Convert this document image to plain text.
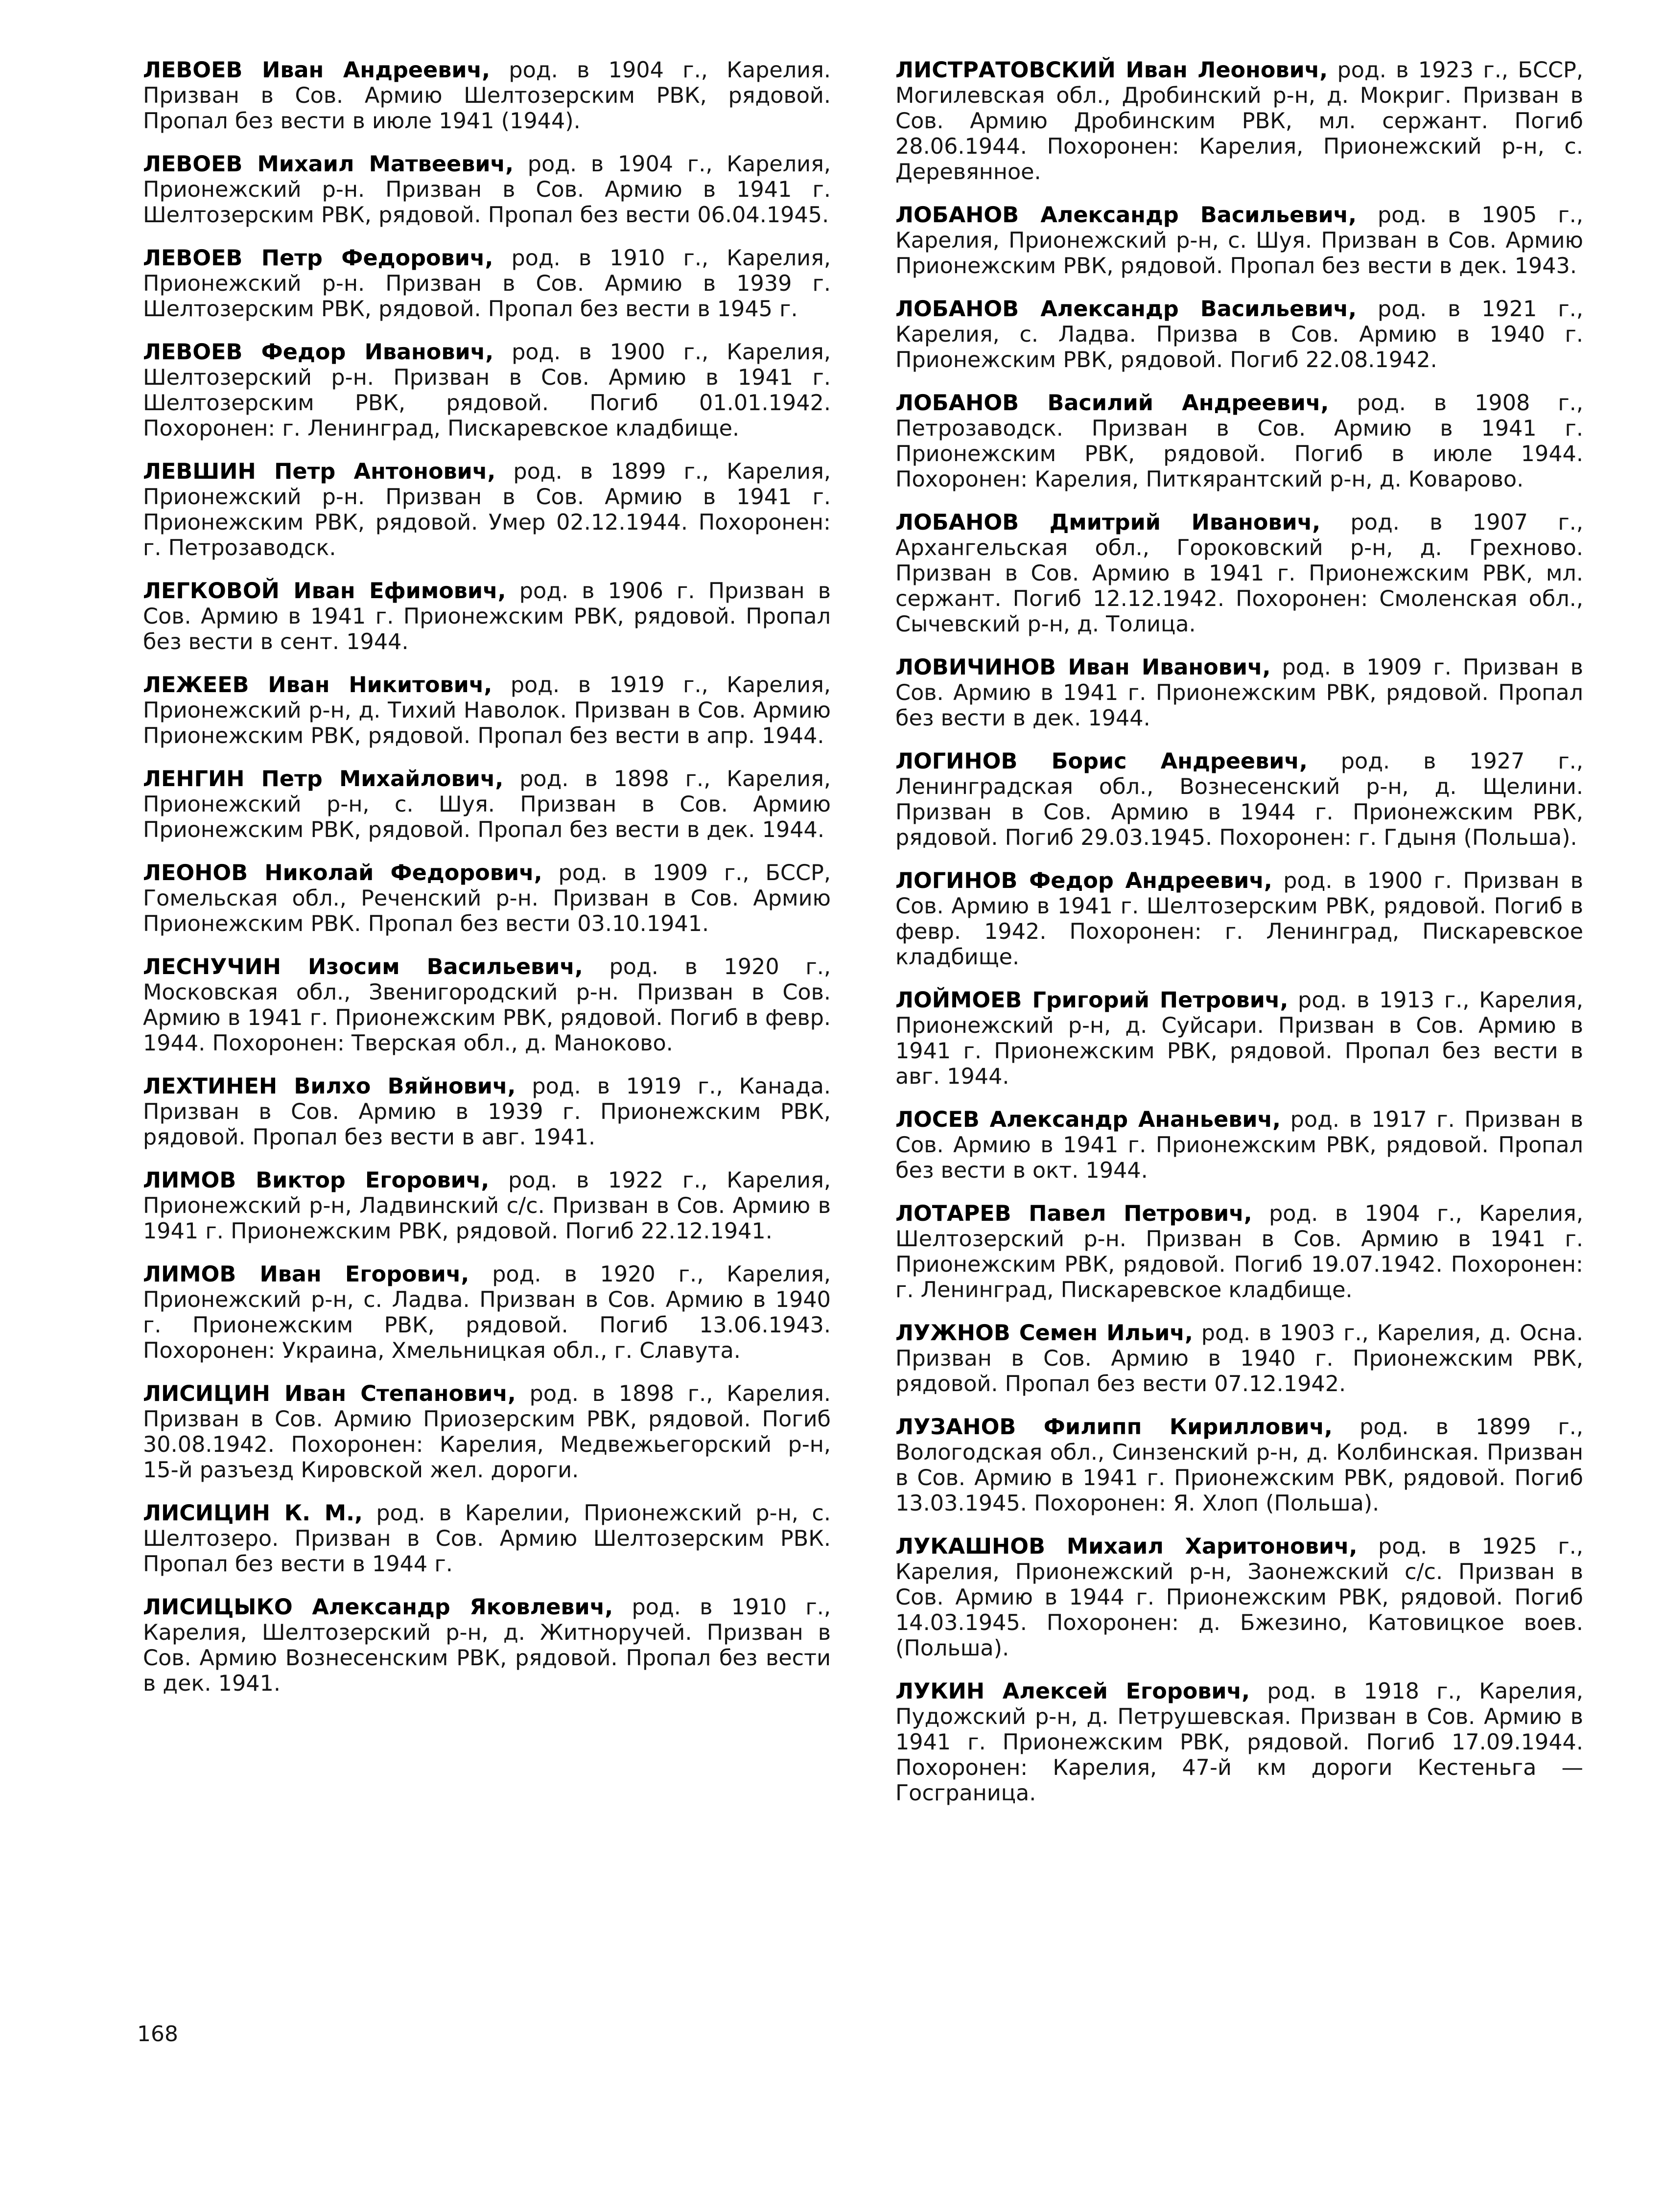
ЛЕВОЕВ Иван Андреевич, род. в 1904 г., Карелия. Призван в Сов. Армию Шелтозерским РВК, рядовой. Пропал без вести в июле 1941 (1944).

ЛЕВОЕВ Михаил Матвеевич, род. в 1904 г., Карелия, Прионежский р-н. Призван в Сов. Армию в 1941 г. Шелтозерским РВК, рядовой. Пропал без вести 06.04.1945.

ЛЕВОЕВ Петр Федорович, род. в 1910 г., Карелия, Прионежский р-н. Призван в Сов. Армию в 1939 г. Шелтозерским РВК, рядовой. Пропал без вести в 1945 г.

ЛЕВОЕВ Федор Иванович, род. в 1900 г., Карелия, Шелтозерский р-н. Призван в Сов. Армию в 1941 г. Шелтозерским РВК, рядовой. Погиб 01.01.1942. Похоронен: г. Ленинград, Пискаревское кладбище.

ЛЕВШИН Петр Антонович, род. в 1899 г., Карелия, Прионежский р-н. Призван в Сов. Армию в 1941 г. Прионежским РВК, рядовой. Умер 02.12.1944. Похоронен: г. Петрозаводск.

ЛЕГКОВОЙ Иван Ефимович, род. в 1906 г. Призван в Сов. Армию в 1941 г. Прионежским РВК, рядовой. Пропал без вести в сент. 1944.

ЛЕЖЕЕВ Иван Никитович, род. в 1919 г., Карелия, Прионежский р-н, д. Тихий Наволок. Призван в Сов. Армию Прионежским РВК, рядовой. Пропал без вести в апр. 1944.

ЛЕНГИН Петр Михайлович, род. в 1898 г., Карелия, Прионежский р-н, с. Шуя. Призван в Сов. Армию Прионежским РВК, рядовой. Пропал без вести в дек. 1944.

ЛЕОНОВ Николай Федорович, род. в 1909 г., БССР, Гомельская обл., Реченский р-н. Призван в Сов. Армию Прионежским РВК. Пропал без вести 03.10.1941.

ЛЕСНУЧИН Изосим Васильевич, род. в 1920 г., Московская обл., Звенигородский р-н. Призван в Сов. Армию в 1941 г. Прионежским РВК, рядовой. Погиб в февр. 1944. Похоронен: Тверская обл., д. Маноково.

ЛЕХТИНЕН Вилхо Вяйнович, род. в 1919 г., Канада. Призван в Сов. Армию в 1939 г. Прионежским РВК, рядовой. Пропал без вести в авг. 1941.

ЛИМОВ Виктор Егорович, род. в 1922 г., Карелия, Прионежский р-н, Ладвинский с/с. Призван в Сов. Армию в 1941 г. Прионежским РВК, рядовой. Погиб 22.12.1941.

ЛИМОВ Иван Егорович, род. в 1920 г., Карелия, Прионежский р-н, с. Ладва. Призван в Сов. Армию в 1940 г. Прионежским РВК, рядовой. Погиб 13.06.1943. Похоронен: Украина, Хмельницкая обл., г. Славута.

ЛИСИЦИН Иван Степанович, род. в 1898 г., Карелия. Призван в Сов. Армию Приозерским РВК, рядовой. Погиб 30.08.1942. Похоронен: Карелия, Медвежьегорский р-н, 15-й разъезд Кировской жел. дороги.

ЛИСИЦИН К. М., род. в Карелии, Прионежский р-н, с. Шелтозеро. Призван в Сов. Армию Шелтозерским РВК. Пропал без вести в 1944 г.

ЛИСИЦЫКО Александр Яковлевич, род. в 1910 г., Карелия, Шелтозерский р-н, д. Житноручей. Призван в Сов. Армию Вознесенским РВК, рядовой. Пропал без вести в дек. 1941.

ЛИСТРАТОВСКИЙ Иван Леонович, род. в 1923 г., БССР, Могилевская обл., Дробинский р-н, д. Мокриг. Призван в Сов. Армию Дробинским РВК, мл. сержант. Погиб 28.06.1944. Похоронен: Карелия, Прионежский р-н, с. Деревянное.

ЛОБАНОВ Александр Васильевич, род. в 1905 г., Карелия, Прионежский р-н, с. Шуя. Призван в Сов. Армию Прионежским РВК, рядовой. Пропал без вести в дек. 1943.

ЛОБАНОВ Александр Васильевич, род. в 1921 г., Карелия, с. Ладва. Призва в Сов. Армию в 1940 г. Прионежским РВК, рядовой. Погиб 22.08.1942.

ЛОБАНОВ Василий Андреевич, род. в 1908 г., Петрозаводск. Призван в Сов. Армию в 1941 г. Прионежским РВК, рядовой. Погиб в июле 1944. Похоронен: Карелия, Питкярантский р-н, д. Коварово.

ЛОБАНОВ Дмитрий Иванович, род. в 1907 г., Архангельская обл., Гороковский р-н, д. Грехново. Призван в Сов. Армию в 1941 г. Прионежским РВК, мл. сержант. Погиб 12.12.1942. Похоронен: Смоленская обл., Сычевский р-н, д. Толица.

ЛОВИЧИНОВ Иван Иванович, род. в 1909 г. Призван в Сов. Армию в 1941 г. Прионежским РВК, рядовой. Пропал без вести в дек. 1944.

ЛОГИНОВ Борис Андреевич, род. в 1927 г., Ленинградская обл., Вознесенский р-н, д. Щелини. Призван в Сов. Армию в 1944 г. Прионежским РВК, рядовой. Погиб 29.03.1945. Похоронен: г. Гдыня (Польша).

ЛОГИНОВ Федор Андреевич, род. в 1900 г. Призван в Сов. Армию в 1941 г. Шелтозерским РВК, рядовой. Погиб в февр. 1942. Похоронен: г. Ленинград, Пискаревское кладбище.

ЛОЙМОЕВ Григорий Петрович, род. в 1913 г., Карелия, Прионежский р-н, д. Суйсари. Призван в Сов. Армию в 1941 г. Прионежским РВК, рядовой. Пропал без вести в авг. 1944.

ЛОСЕВ Александр Ананьевич, род. в 1917 г. Призван в Сов. Армию в 1941 г. Прионежским РВК, рядовой. Пропал без вести в окт. 1944.

ЛОТАРЕВ Павел Петрович, род. в 1904 г., Карелия, Шелтозерский р-н. Призван в Сов. Армию в 1941 г. Прионежским РВК, рядовой. Погиб 19.07.1942. Похоронен: г. Ленинград, Пискаревское кладбище.

ЛУЖНОВ Семен Ильич, род. в 1903 г., Карелия, д. Осна. Призван в Сов. Армию в 1940 г. Прионежским РВК, рядовой. Пропал без вести 07.12.1942.

ЛУЗАНОВ Филипп Кириллович, род. в 1899 г., Вологодская обл., Синзенский р-н, д. Колбинская. Призван в Сов. Армию в 1941 г. Прионежским РВК, рядовой. Погиб 13.03.1945. Похоронен: Я. Хлоп (Польша).

ЛУКАШНОВ Михаил Харитонович, род. в 1925 г., Карелия, Прионежский р-н, Заонежский с/с. Призван в Сов. Армию в 1944 г. Прионежским РВК, рядовой. Погиб 14.03.1945. Похоронен: д. Бжезино, Катовицкое воев. (Польша).

ЛУКИН Алексей Егорович, род. в 1918 г., Карелия, Пудожский р-н, д. Петрушевская. Призван в Сов. Армию в 1941 г. Прионежским РВК, рядовой. Погиб 17.09.1944. Похоронен: Карелия, 47-й км дороги Кестеньга — Госграница.

168
